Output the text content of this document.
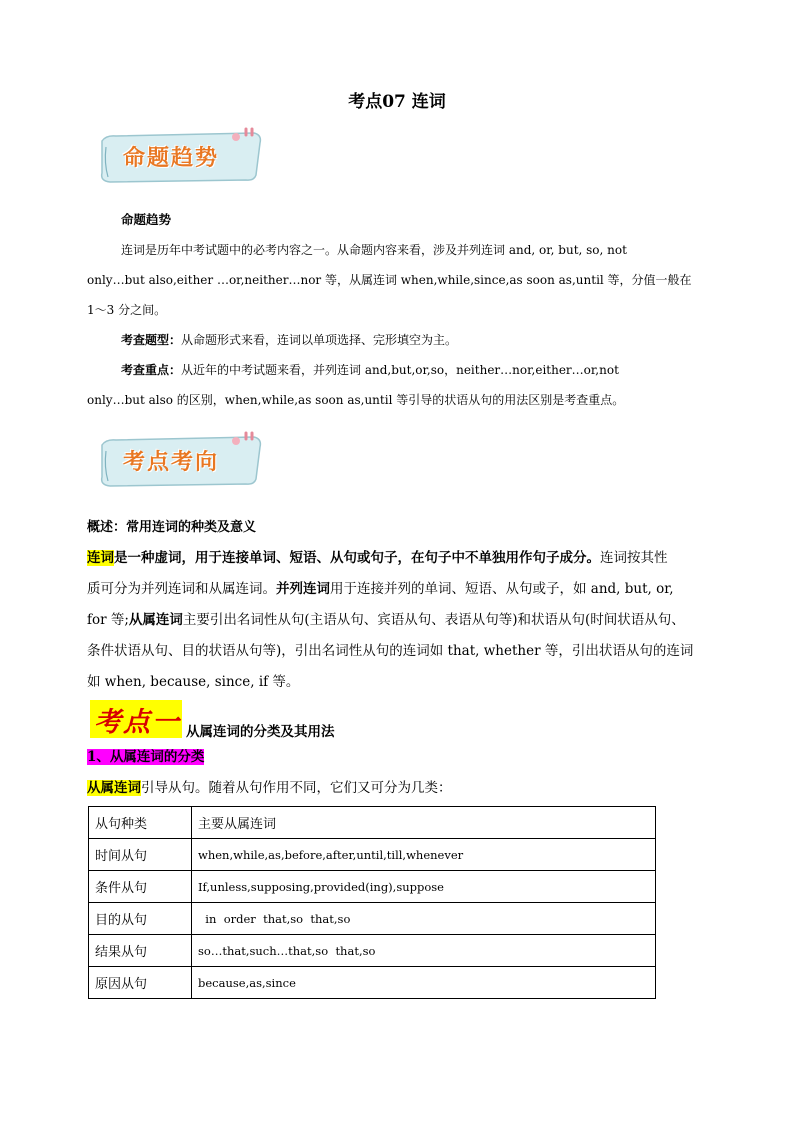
考点07 连词
命题趋势
命题趋势
连词是历年中考试题中的必考内容之一。从命题内容来看，涉及并列连词 and, or, but, so, not
only…but also,either …or,neither…nor 等，从属连词 when,while,since,as soon as,until 等，分值一般在
1～3 分之间。
考查题型：从命题形式来看，连词以单项选择、完形填空为主。
考查重点：从近年的中考试题来看，并列连词 and,but,or,so，neither…nor,either…or,not
only…but also 的区别，when,while,as soon as,until 等引导的状语从句的用法区别是考查重点。
考点考向
概述：常用连词的种类及意义
连词是一种虚词，用于连接单词、短语、从句或句子，在句子中不单独用作句子成分。连词按其性
质可分为并列连词和从属连词。并列连词用于连接并列的单词、短语、从句或子，如 and, but, or,
for 等;从属连词主要引出名词性从句(主语从句、宾语从句、表语从句等)和状语从句(时间状语从句、
条件状语从句、目的状语从句等)，引出名词性从句的连词如 that, whether 等，引出状语从句的连词
如 when, because, since, if 等。
考点一 从属连词的分类及其用法
1、从属连词的分类
从属连词引导从句。随着从句作用不同，它们又可分为几类：
从句种类	主要从属连词
时间从句	when,while,as,before,after,until,till,whenever
条件从句	If,unless,supposing,provided(ing),suppose
目的从句	in  order  that,so  that,so
结果从句	so…that,such…that,so  that,so
原因从句	because,as,since
